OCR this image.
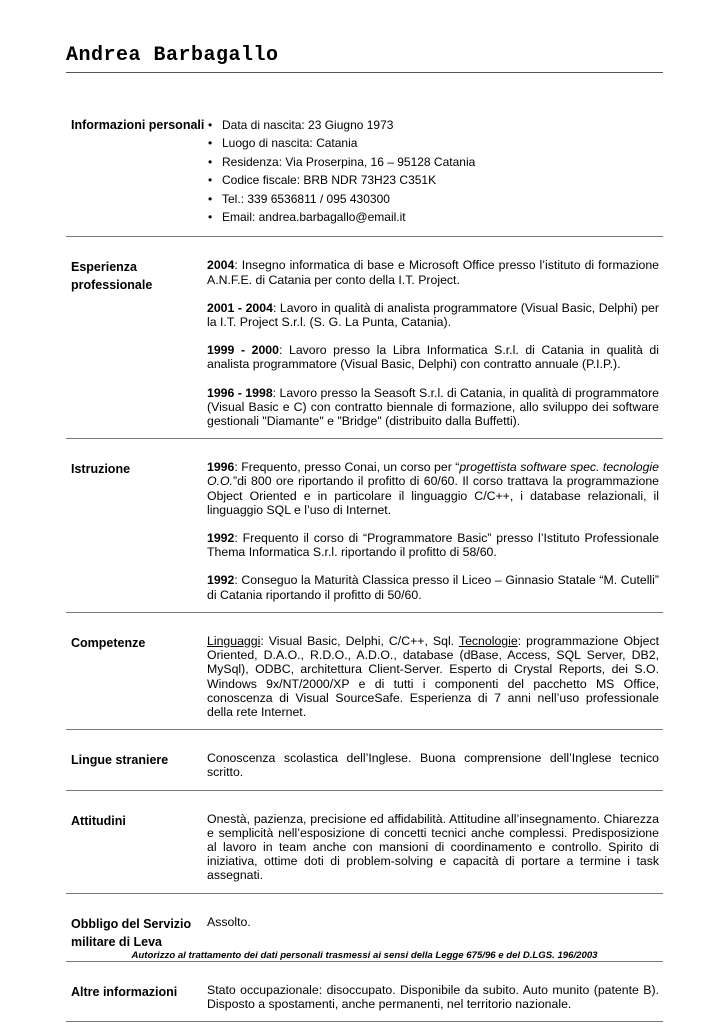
Andrea Barbagallo
Informazioni personali
•	Data di nascita: 23 Giugno 1973
• Luogo di nascita: Catania
• Residenza: Via Proserpina, 16 – 95128 Catania
• Codice fiscale: BRB NDR 73H23 C351K
• Tel.: 339 6536811 / 095 430300
• Email: andrea.barbagallo@email.it
Esperienza professionale

2004: Insegno informatica di base e Microsoft Office presso l’istituto di formazione A.N.F.E. di Catania per conto della I.T. Project.

2001 - 2004: Lavoro in qualità di analista programmatore (Visual Basic, Delphi) per la I.T. Project S.r.l. (S. G. La Punta, Catania).

1999 - 2000: Lavoro presso la Libra Informatica S.r.l. di Catania in qualità di analista programmatore (Visual Basic, Delphi) con contratto annuale (P.I.P.).

1996 - 1998: Lavoro presso la Seasoft S.r.l. di Catania, in qualità di programmatore (Visual Basic e C) con contratto biennale di formazione, allo sviluppo dei software gestionali "Diamante" e "Bridge" (distribuito dalla Buffetti).

Istruzione	1996: Frequento, presso Conai, un corso per “progettista software spec. tecnologie O.O.”di 800 ore riportando il profitto di 60/60. Il corso trattava la programmazione Object Oriented e in particolare il linguaggio C/C++, i database relazionali, il linguaggio SQL e l’uso di Internet.

1992: Frequento il corso di “Programmatore Basic” presso l’Istituto Professionale Thema Informatica S.r.l. riportando il profitto di 58/60.

1992: Conseguo la Maturità Classica presso il Liceo – Ginnasio Statale “M. Cutelli” di Catania riportando il profitto di 50/60.

Competenze	Linguaggi: Visual Basic, Delphi, C/C++, Sql. Tecnologie: programmazione Object Oriented, D.A.O., R.D.O., A.D.O., database (dBase, Access, SQL Server, DB2, MySql), ODBC, architettura Client-Server. Esperto di Crystal Reports, dei S.O. Windows 9x/NT/2000/XP e di tutti i componenti del pacchetto MS Office, conoscenza di Visual SourceSafe. Esperienza di 7 anni nell’uso professionale della rete Internet.

Lingue straniere	Conoscenza scolastica dell’Inglese. Buona comprensione dell’Inglese tecnico scritto.

Attitudini	Onestà, pazienza, precisione ed affidabilità. Attitudine all’insegnamento. Chiarezza e semplicità nell’esposizione di concetti tecnici anche complessi. Predisposizione al lavoro in team anche con mansioni di coordinamento e controllo. Spirito di iniziativa, ottime doti di problem-solving e capacità di portare a termine i task assegnati.

Obbligo del Servizio militare di Leva

Assolto.

Altre informazioni	Stato occupazionale: disoccupato. Disponibile da subito. Auto munito (patente B). Disposto a spostamenti, anche permanenti, nel territorio nazionale.

Autorizzo al trattamento dei dati personali trasmessi ai sensi della Legge 675/96 e del D.LGS. 196/2003
